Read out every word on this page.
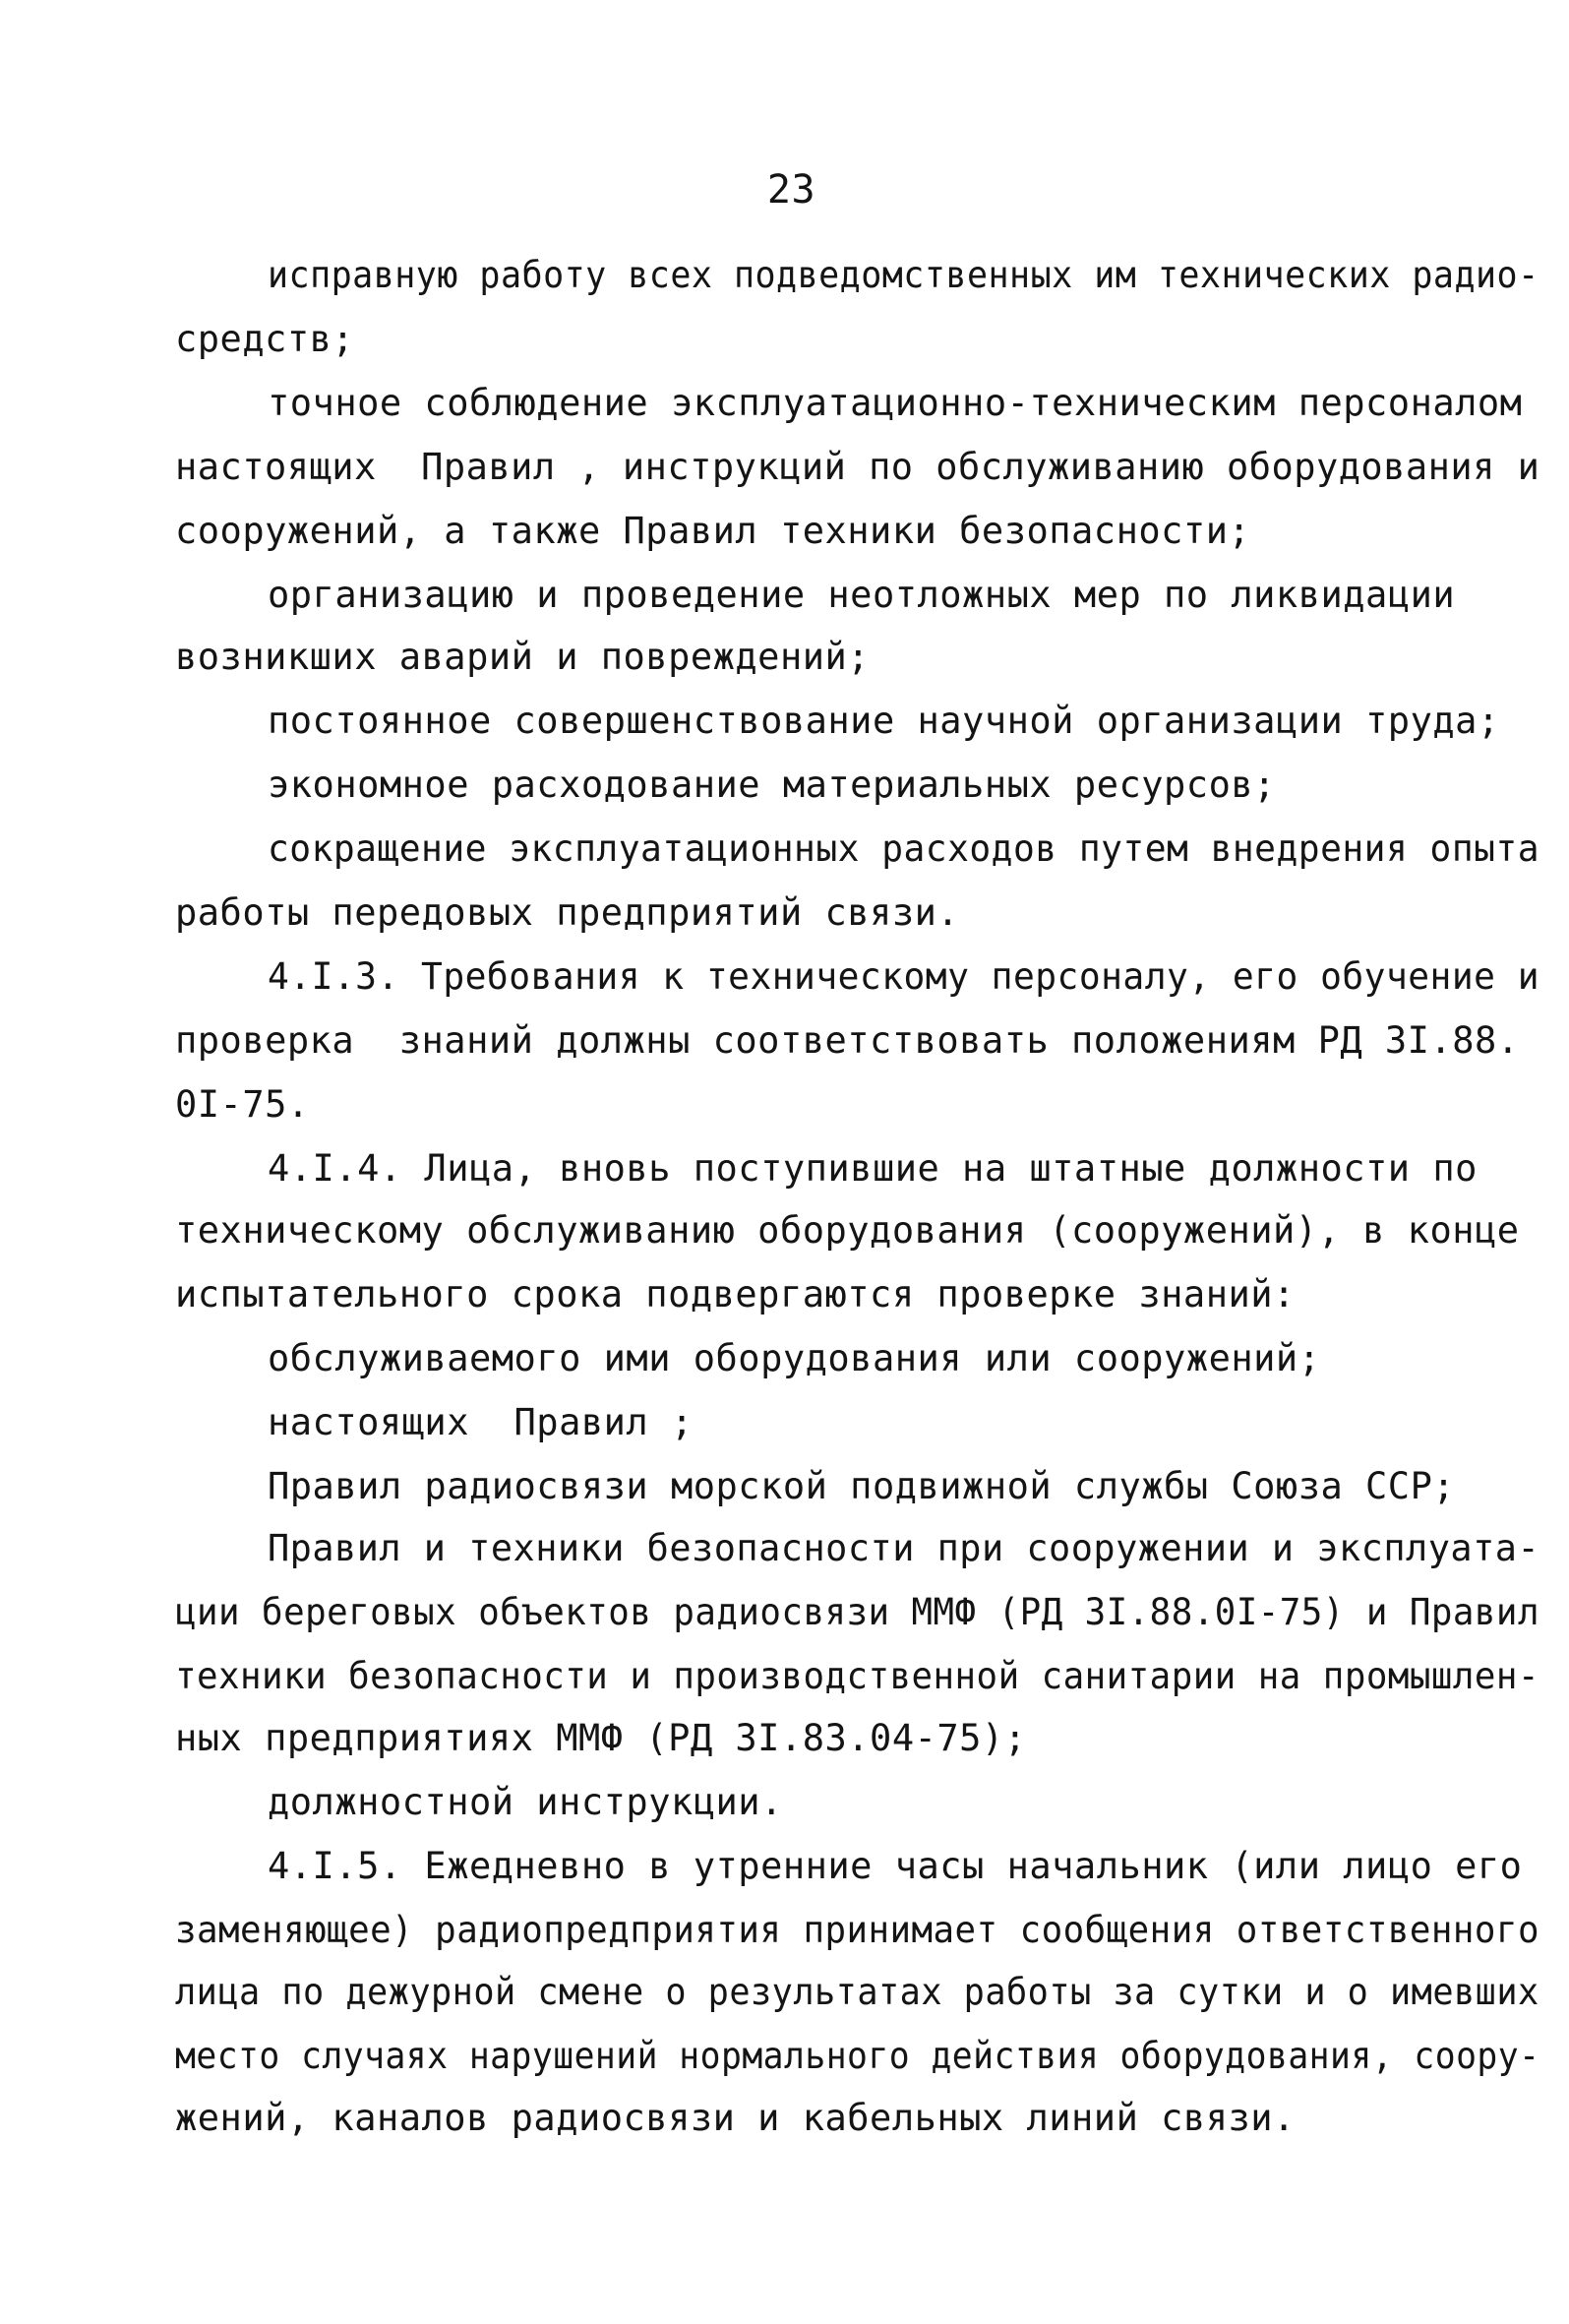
23
исправную работу всех подведомственных им технических радио-
средств;
точное соблюдение эксплуатационно-техническим персоналом
настоящих  Правил , инструкций по обслуживанию оборудования и
сооружений, а также Правил техники безопасности;
организацию и проведение неотложных мер по ликвидации
возникших аварий и повреждений;
постоянное совершенствование научной организации труда;
экономное расходование материальных ресурсов;
сокращение эксплуатационных расходов путем внедрения опыта
работы передовых предприятий связи.
4.I.3. Требования к техническому персоналу, его обучение и
проверка  знаний должны соответствовать положениям РД 3I.88.
0I-75.
4.I.4. Лица, вновь поступившие на штатные должности по
техническому обслуживанию оборудования (сооружений), в конце
испытательного срока подвергаются проверке знаний:
обслуживаемого ими оборудования или сооружений;
настоящих  Правил ;
Правил радиосвязи морской подвижной службы Союза ССР;
Правил и техники безопасности при сооружении и эксплуата-
ции береговых объектов радиосвязи ММФ (РД 3I.88.0I-75) и Правил
техники безопасности и производственной санитарии на промышлен-
ных предприятиях ММФ (РД 3I.83.04-75);
должностной инструкции.
4.I.5. Ежедневно в утренние часы начальник (или лицо его
заменяющее) радиопредприятия принимает сообщения ответственного
лица по дежурной смене о результатах работы за сутки и о имевших
место случаях нарушений нормального действия оборудования, соору-
жений, каналов радиосвязи и кабельных линий связи.
